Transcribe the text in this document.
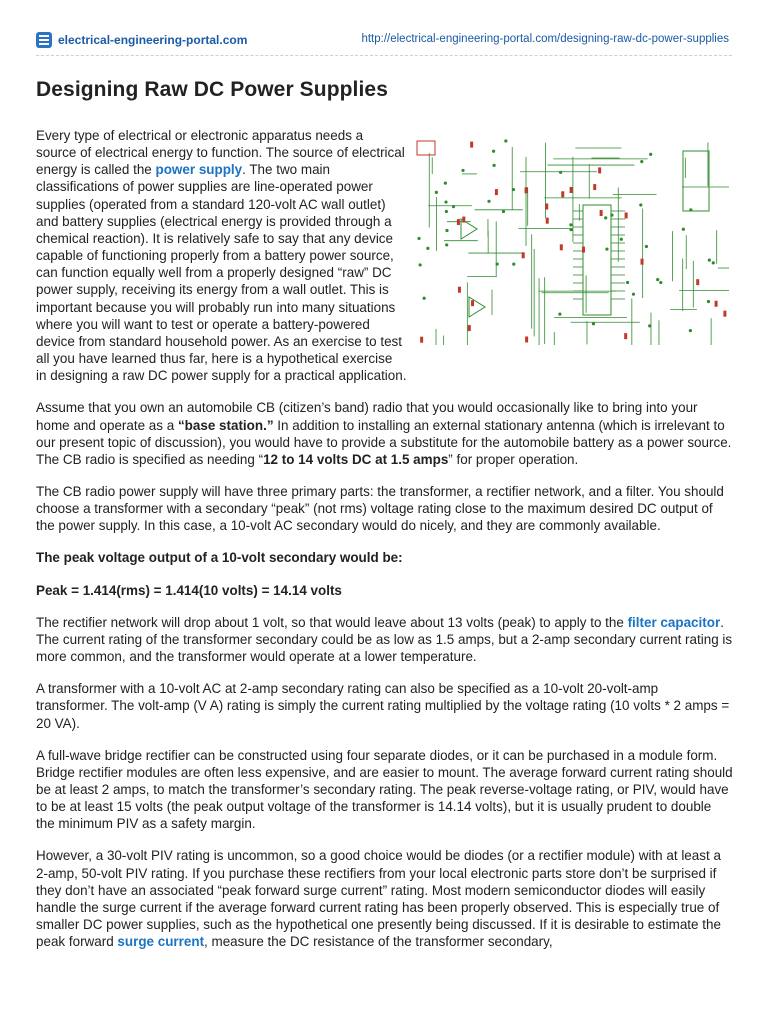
electrical-engineering-portal.com	http://electrical-engineering-portal.com/designing-raw-dc-power-supplies
Designing Raw DC Power Supplies

Every type of electrical or electronic apparatus needs a source of electrical energy to function. The source of electrical energy is called the power supply. The two main classifications of power supplies are line-operated power supplies (operated from a standard 120-volt AC wall outlet) and battery supplies (electrical energy is provided through a chemical reaction). It is relatively safe to say that any device capable of functioning properly from a battery power source, can function equally well from a properly designed “raw” DC power supply, receiving its energy from a wall outlet. This is important because you will probably run into many situations where you will want to test or operate a battery-powered device from standard household power. As an exercise to test all you have learned thus far, here is a hypothetical exercise in designing a raw DC power supply for a practical application.

Assume that you own an automobile CB (citizen’s band) radio that you would occasionally like to bring into your home and operate as a “base station.” In addition to installing an external stationary antenna (which is irrelevant to our present topic of discussion), you would have to provide a substitute for the automobile battery as a power source. The CB radio is specified as needing “12 to 14 volts DC at 1.5 amps” for proper operation.

The CB radio power supply will have three primary parts: the transformer, a rectifier network, and a filter. You should choose a transformer with a secondary “peak” (not rms) voltage rating close to the maximum desired DC output of the power supply. In this case, a 10-volt AC secondary would do nicely, and they are commonly available.

The peak voltage output of a 10-volt secondary would be:

Peak = 1.414(rms) = 1.414(10 volts) = 14.14 volts

The rectifier network will drop about 1 volt, so that would leave about 13 volts (peak) to apply to the filter capacitor. The current rating of the transformer secondary could be as low as 1.5 amps, but a 2-amp secondary current rating is more common, and the transformer would operate at a lower temperature.

A transformer with a 10-volt AC at 2-amp secondary rating can also be specified as a 10-volt 20-volt-amp transformer. The volt-amp (V A) rating is simply the current rating multiplied by the voltage rating (10 volts * 2 amps = 20 VA).

A full-wave bridge rectifier can be constructed using four separate diodes, or it can be purchased in a module form. Bridge rectifier modules are often less expensive, and are easier to mount. The average forward current rating should be at least 2 amps, to match the transformer’s secondary rating. The peak reverse-voltage rating, or PIV, would have to be at least 15 volts (the peak output voltage of the transformer is 14.14 volts), but it is usually prudent to double the minimum PIV as a safety margin.

However, a 30-volt PIV rating is uncommon, so a good choice would be diodes (or a rectifier module) with at least a 2-amp, 50-volt PIV rating. If you purchase these rectifiers from your local electronic parts store don’t be surprised if they don’t have an associated “peak forward surge current” rating. Most modern semiconductor diodes will easily handle the surge current if the average forward current rating has been properly observed. This is especially true of smaller DC power supplies, such as the hypothetical one presently being discussed. If it is desirable to estimate the peak forward surge current, measure the DC resistance of the transformer secondary,
